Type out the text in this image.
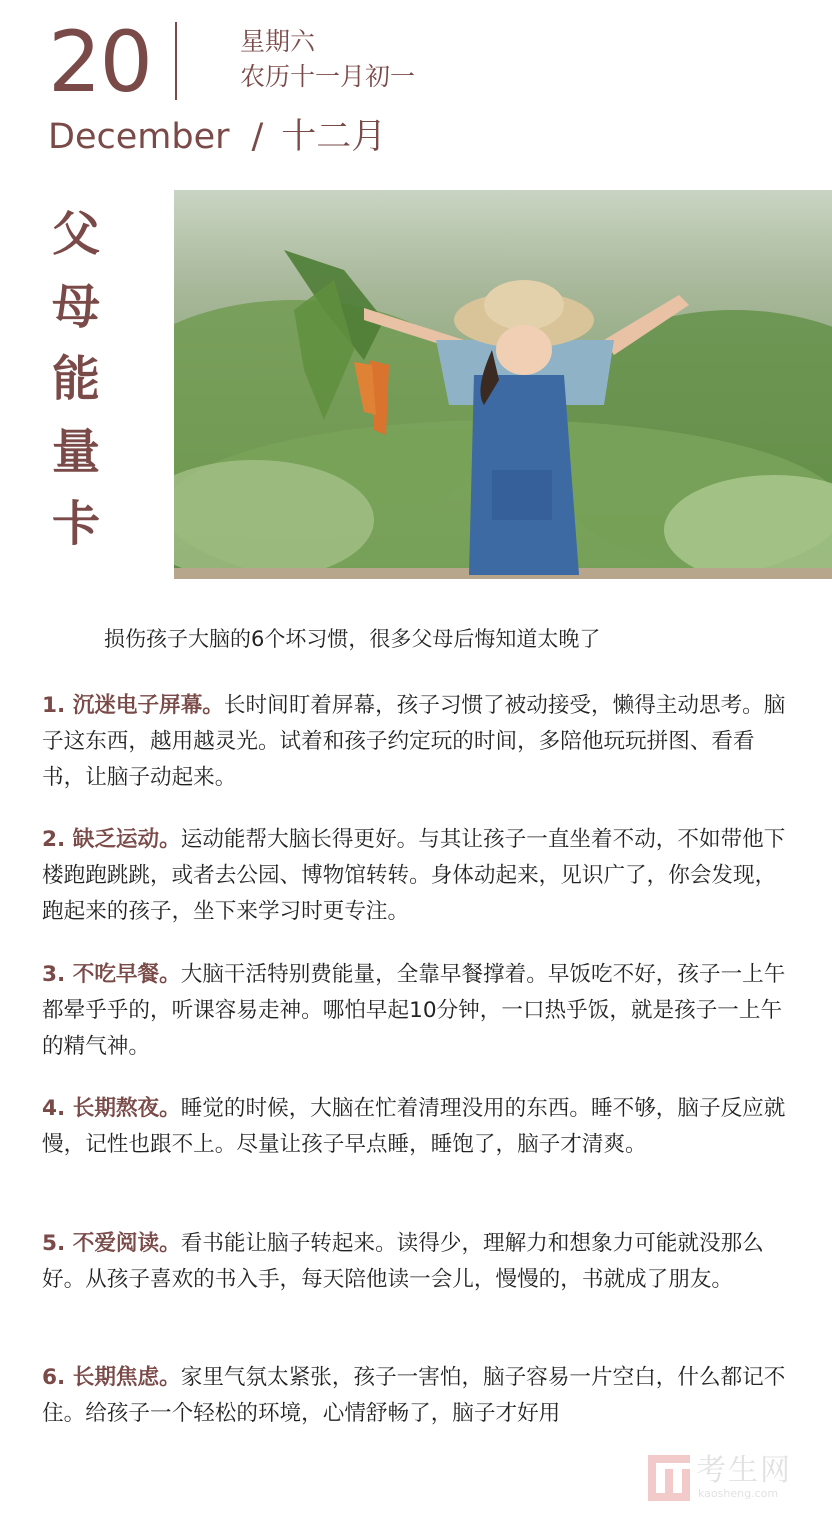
20	星期六
农历十一月初一
December / 十二月
父
母
能
量
卡
损伤孩子大脑的6个坏习惯，很多父母后悔知道太晚了
1. 沉迷电子屏幕。长时间盯着屏幕，孩子习惯了被动接受，懒得主动思考。脑子这东西，越用越灵光。试着和孩子约定玩的时间，多陪他玩玩拼图、看看书，让脑子动起来。
2. 缺乏运动。运动能帮大脑长得更好。与其让孩子一直坐着不动，不如带他下楼跑跑跳跳，或者去公园、博物馆转转。身体动起来，见识广了，你会发现，跑起来的孩子，坐下来学习时更专注。
3. 不吃早餐。大脑干活特别费能量，全靠早餐撑着。早饭吃不好，孩子一上午都晕乎乎的，听课容易走神。哪怕早起10分钟，一口热乎饭，就是孩子一上午的精气神。
4. 长期熬夜。睡觉的时候，大脑在忙着清理没用的东西。睡不够，脑子反应就慢，记性也跟不上。尽量让孩子早点睡，睡饱了，脑子才清爽。
5. 不爱阅读。看书能让脑子转起来。读得少，理解力和想象力可能就没那么好。从孩子喜欢的书入手，每天陪他读一会儿，慢慢的，书就成了朋友。
6. 长期焦虑。家里气氛太紧张，孩子一害怕，脑子容易一片空白，什么都记不住。给孩子一个轻松的环境，心情舒畅了，脑子才好用
考生网
kaosheng.com
